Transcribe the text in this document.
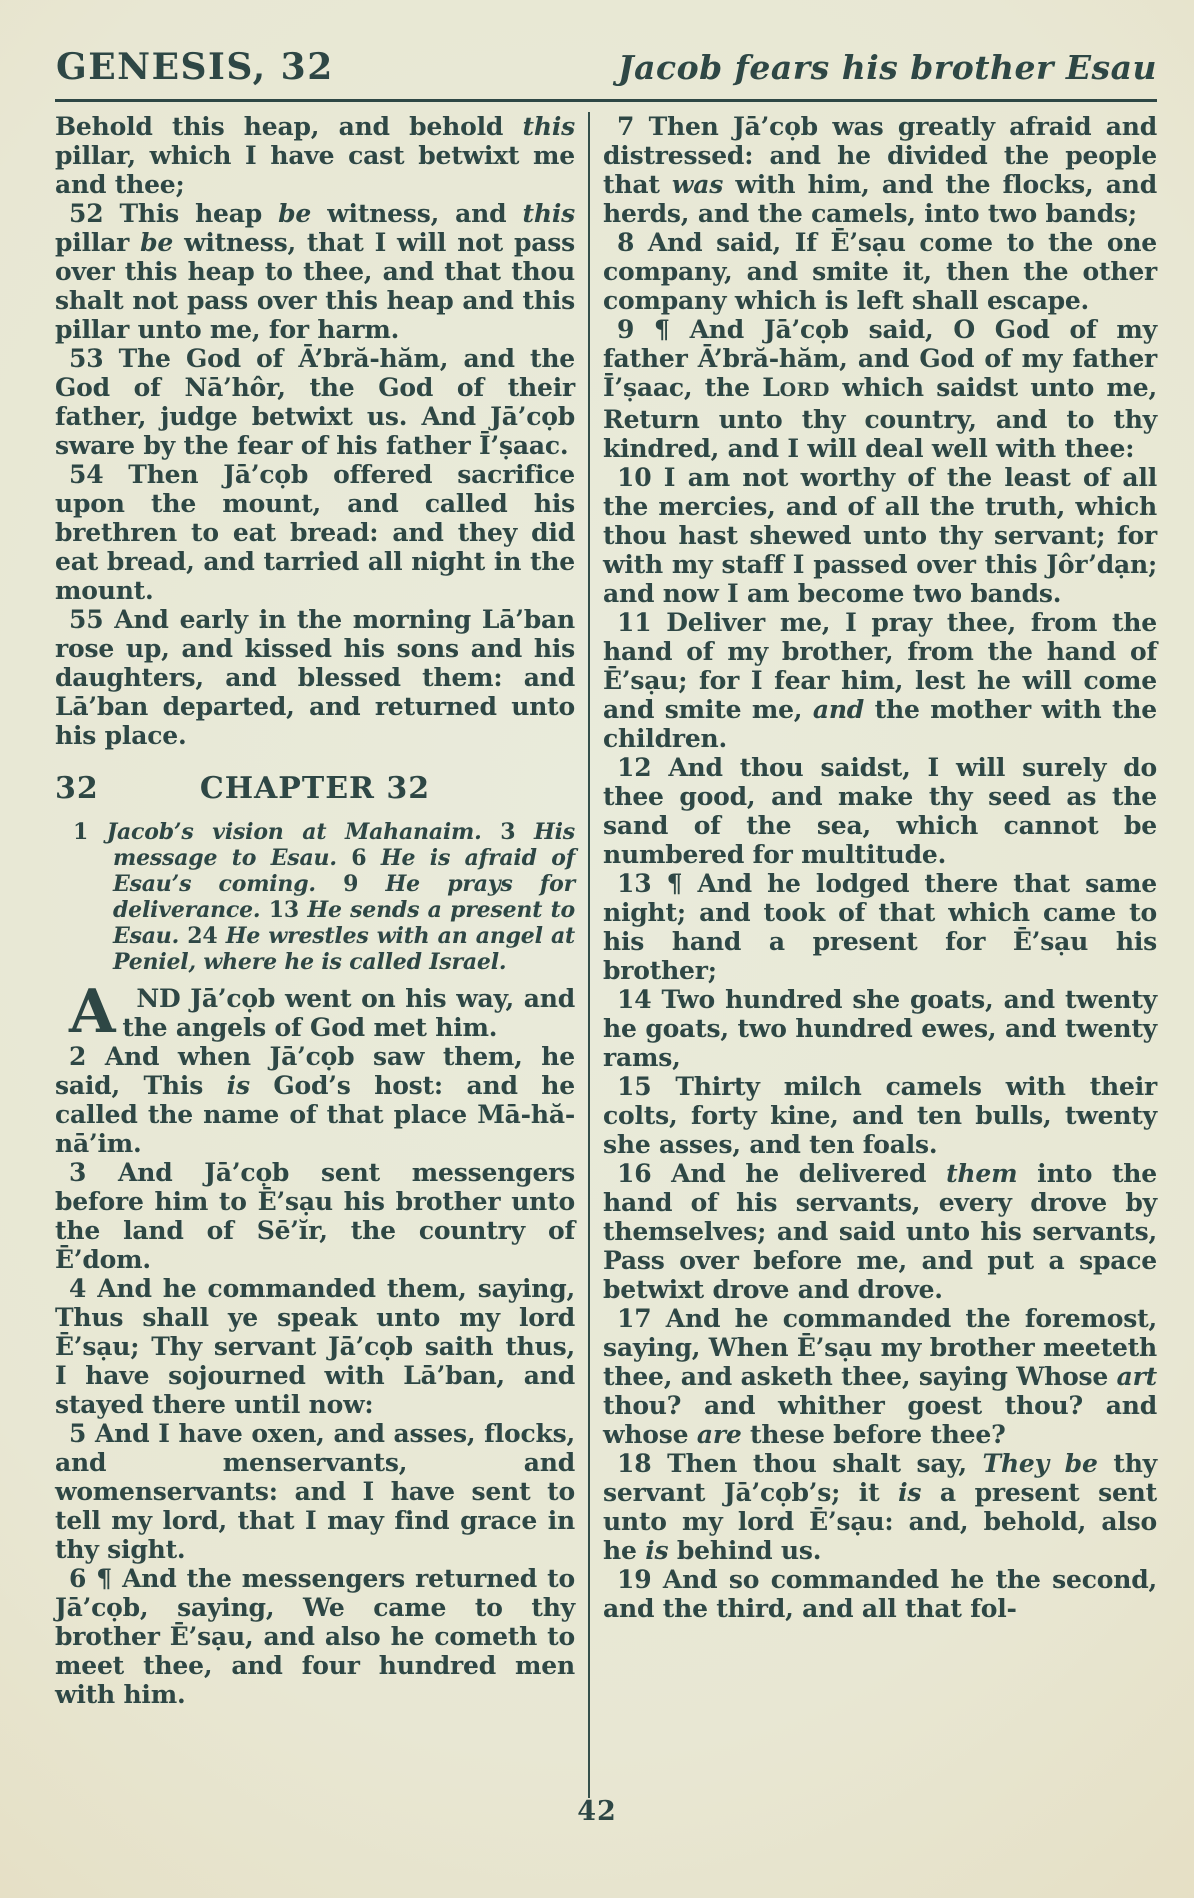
GENESIS, 32	Jacob fears his brother Esau

Behold this heap, and behold this pillar, which I have cast betwixt me and thee;

52 This heap be witness, and this pillar be witness, that I will not pass over this heap to thee, and that thou shalt not pass over this heap and this pillar unto me, for harm.

53 The God of Ā’bră-hăm, and the God of Nā’hôr, the God of their father, judge betwixt us. And Jā’cọb sware by the fear of his father Ī’ṣaac.

54 Then Jā’cọb offered sacrifice upon the mount, and called his brethren to eat bread: and they did eat bread, and tarried all night in the mount.

55 And early in the morning Lā’ban rose up, and kissed his sons and his daughters, and blessed them: and Lā’ban departed, and returned unto his place.

32	CHAPTER 32

1 Jacob’s vision at Mahanaim. 3 His message to Esau. 6 He is afraid of Esau’s coming. 9 He prays for deliverance. 13 He sends a present to Esau. 24 He wrestles with an angel at Peniel, where he is called Israel.

AND Jā’cọb went on his way, and the angels of God met him.

2 And when Jā’cọb saw them, he said, This is God’s host: and he called the name of that place Mā-hă-nā’im.

3 And Jā’cọb sent messengers before him to Ē’sạu his brother unto the land of Sē’ĭr, the country of Ē’dom.

4 And he commanded them, saying, Thus shall ye speak unto my lord Ē’sạu; Thy servant Jā’cọb saith thus, I have sojourned with Lā’ban, and stayed there until now:

5 And I have oxen, and asses, flocks, and menservants, and womenservants: and I have sent to tell my lord, that I may find grace in thy sight.

6 ¶ And the messengers returned to Jā’cọb, saying, We came to thy brother Ē’sạu, and also he cometh to meet thee, and four hundred men with him.

7 Then Jā’cọb was greatly afraid and distressed: and he divided the people that was with him, and the flocks, and herds, and the camels, into two bands;

8 And said, If Ē’sạu come to the one company, and smite it, then the other company which is left shall escape.

9 ¶ And Jā’cọb said, O God of my father Ā’bră-hăm, and God of my father Ī’ṣaac, the LORD which saidst unto me, Return unto thy country, and to thy kindred, and I will deal well with thee:

10 I am not worthy of the least of all the mercies, and of all the truth, which thou hast shewed unto thy servant; for with my staff I passed over this Jôr’dạn; and now I am become two bands.

11 Deliver me, I pray thee, from the hand of my brother, from the hand of Ē’sạu; for I fear him, lest he will come and smite me, and the mother with the children.

12 And thou saidst, I will surely do thee good, and make thy seed as the sand of the sea, which cannot be numbered for multitude.

13 ¶ And he lodged there that same night; and took of that which came to his hand a present for Ē’sạu his brother;

14 Two hundred she goats, and twenty he goats, two hundred ewes, and twenty rams,

15 Thirty milch camels with their colts, forty kine, and ten bulls, twenty she asses, and ten foals.

16 And he delivered them into the hand of his servants, every drove by themselves; and said unto his servants, Pass over before me, and put a space betwixt drove and drove.

17 And he commanded the foremost, saying, When Ē’sạu my brother meeteth thee, and asketh thee, saying Whose art thou? and whither goest thou? and whose are these before thee?

18 Then thou shalt say, They be thy servant Jā’cọb’s; it is a present sent unto my lord Ē’sạu: and, behold, also he is behind us.

19 And so commanded he the second, and the third, and all that fol-

42
